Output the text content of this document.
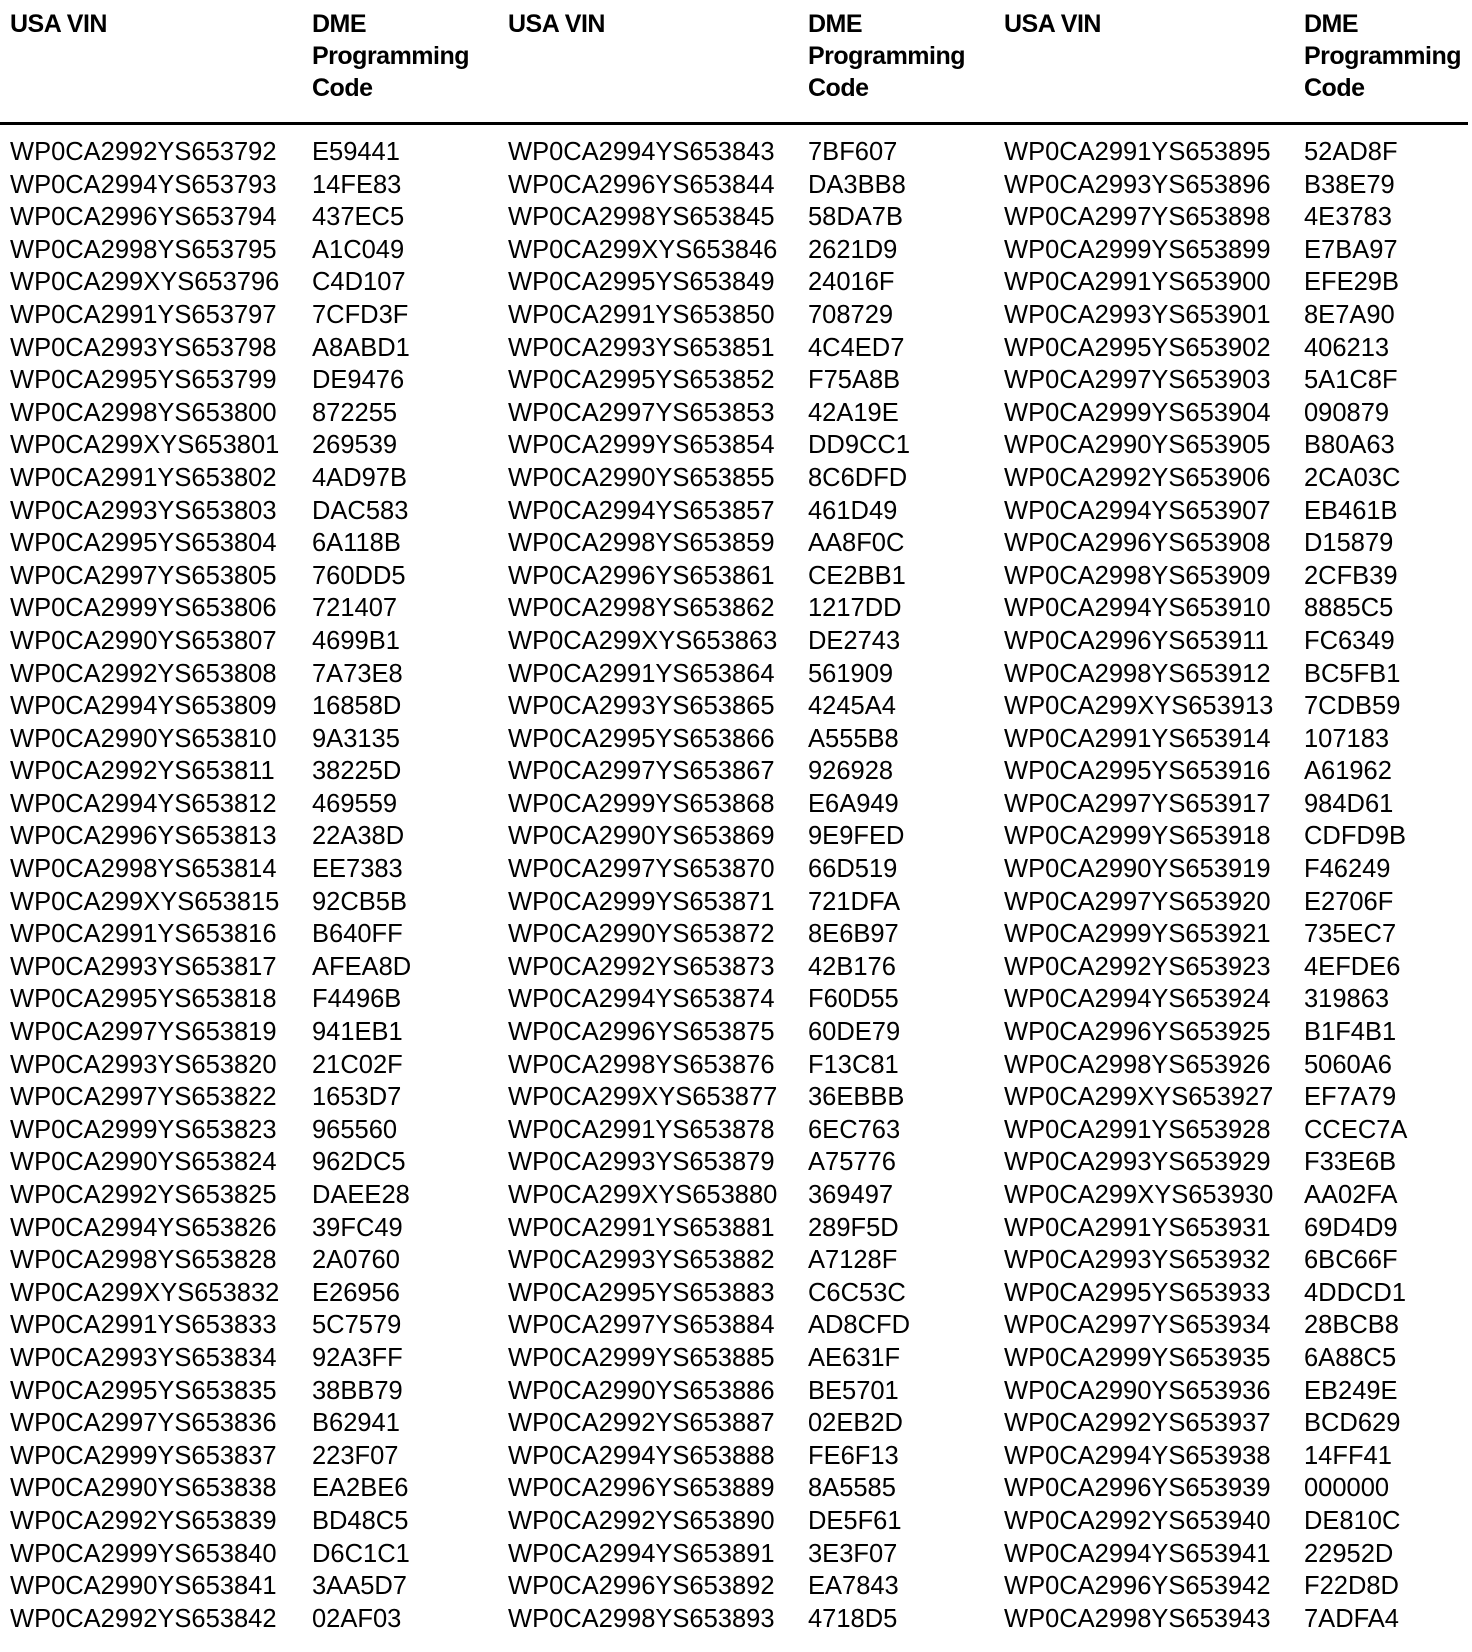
USA VIN	DME
Programming
Code
USA VIN	DME
Programming
Code
USA VIN	DME
Programming
Code
WP0CA2992YS653792 E59441
WP0CA2994YS653793 14FE83
WP0CA2996YS653794 437EC5
WP0CA2998YS653795 A1C049
WP0CA299XYS653796 C4D107
WP0CA2991YS653797 7CFD3F
WP0CA2993YS653798 A8ABD1
WP0CA2995YS653799 DE9476
WP0CA2998YS653800 872255
WP0CA299XYS653801 269539
WP0CA2991YS653802 4AD97B
WP0CA2993YS653803 DAC583
WP0CA2995YS653804 6A118B
WP0CA2997YS653805 760DD5
WP0CA2999YS653806 721407
WP0CA2990YS653807 4699B1
WP0CA2992YS653808 7A73E8
WP0CA2994YS653809 16858D
WP0CA2990YS653810 9A3135
WP0CA2992YS653811 38225D
WP0CA2994YS653812 469559
WP0CA2996YS653813 22A38D
WP0CA2998YS653814 EE7383
WP0CA299XYS653815 92CB5B
WP0CA2991YS653816 B640FF
WP0CA2993YS653817 AFEA8D
WP0CA2995YS653818 F4496B
WP0CA2997YS653819 941EB1
WP0CA2993YS653820 21C02F
WP0CA2997YS653822 1653D7
WP0CA2999YS653823 965560
WP0CA2990YS653824 962DC5
WP0CA2992YS653825 DAEE28
WP0CA2994YS653826 39FC49
WP0CA2998YS653828 2A0760
WP0CA299XYS653832 E26956
WP0CA2991YS653833 5C7579
WP0CA2993YS653834 92A3FF
WP0CA2995YS653835 38BB79
WP0CA2997YS653836 B62941
WP0CA2999YS653837 223F07
WP0CA2990YS653838 EA2BE6
WP0CA2992YS653839 BD48C5
WP0CA2999YS653840 D6C1C1
WP0CA2990YS653841 3AA5D7
WP0CA2992YS653842 02AF03
WP0CA2994YS653843 7BF607
WP0CA2996YS653844 DA3BB8
WP0CA2998YS653845 58DA7B
WP0CA299XYS653846 2621D9
WP0CA2995YS653849 24016F
WP0CA2991YS653850 708729
WP0CA2993YS653851 4C4ED7
WP0CA2995YS653852 F75A8B
WP0CA2997YS653853 42A19E
WP0CA2999YS653854 DD9CC1
WP0CA2990YS653855 8C6DFD
WP0CA2994YS653857 461D49
WP0CA2998YS653859 AA8F0C
WP0CA2996YS653861 CE2BB1
WP0CA2998YS653862 1217DD
WP0CA299XYS653863 DE2743
WP0CA2991YS653864 561909
WP0CA2993YS653865 4245A4
WP0CA2995YS653866 A555B8
WP0CA2997YS653867 926928
WP0CA2999YS653868 E6A949
WP0CA2990YS653869 9E9FED
WP0CA2997YS653870 66D519
WP0CA2999YS653871 721DFA
WP0CA2990YS653872 8E6B97
WP0CA2992YS653873 42B176
WP0CA2994YS653874 F60D55
WP0CA2996YS653875 60DE79
WP0CA2998YS653876 F13C81
WP0CA299XYS653877 36EBBB
WP0CA2991YS653878 6EC763
WP0CA2993YS653879 A75776
WP0CA299XYS653880 369497
WP0CA2991YS653881 289F5D
WP0CA2993YS653882 A7128F
WP0CA2995YS653883 C6C53C
WP0CA2997YS653884 AD8CFD
WP0CA2999YS653885 AE631F
WP0CA2990YS653886 BE5701
WP0CA2992YS653887 02EB2D
WP0CA2994YS653888 FE6F13
WP0CA2996YS653889 8A5585
WP0CA2992YS653890 DE5F61
WP0CA2994YS653891 3E3F07
WP0CA2996YS653892 EA7843
WP0CA2998YS653893 4718D5
WP0CA2991YS653895 52AD8F
WP0CA2993YS653896 B38E79
WP0CA2997YS653898 4E3783
WP0CA2999YS653899 E7BA97
WP0CA2991YS653900 EFE29B
WP0CA2993YS653901 8E7A90
WP0CA2995YS653902 406213
WP0CA2997YS653903 5A1C8F
WP0CA2999YS653904 090879
WP0CA2990YS653905 B80A63
WP0CA2992YS653906 2CA03C
WP0CA2994YS653907 EB461B
WP0CA2996YS653908 D15879
WP0CA2998YS653909 2CFB39
WP0CA2994YS653910 8885C5
WP0CA2996YS653911 FC6349
WP0CA2998YS653912 BC5FB1
WP0CA299XYS653913 7CDB59
WP0CA2991YS653914 107183
WP0CA2995YS653916 A61962
WP0CA2997YS653917 984D61
WP0CA2999YS653918 CDFD9B
WP0CA2990YS653919 F46249
WP0CA2997YS653920 E2706F
WP0CA2999YS653921 735EC7
WP0CA2992YS653923 4EFDE6
WP0CA2994YS653924 319863
WP0CA2996YS653925 B1F4B1
WP0CA2998YS653926 5060A6
WP0CA299XYS653927 EF7A79
WP0CA2991YS653928 CCEC7A
WP0CA2993YS653929 F33E6B
WP0CA299XYS653930 AA02FA
WP0CA2991YS653931 69D4D9
WP0CA2993YS653932 6BC66F
WP0CA2995YS653933 4DDCD1
WP0CA2997YS653934 28BCB8
WP0CA2999YS653935 6A88C5
WP0CA2990YS653936 EB249E
WP0CA2992YS653937 BCD629
WP0CA2994YS653938 14FF41
WP0CA2996YS653939 000000
WP0CA2992YS653940 DE810C
WP0CA2994YS653941 22952D
WP0CA2996YS653942 F22D8D
WP0CA2998YS653943 7ADFA4
